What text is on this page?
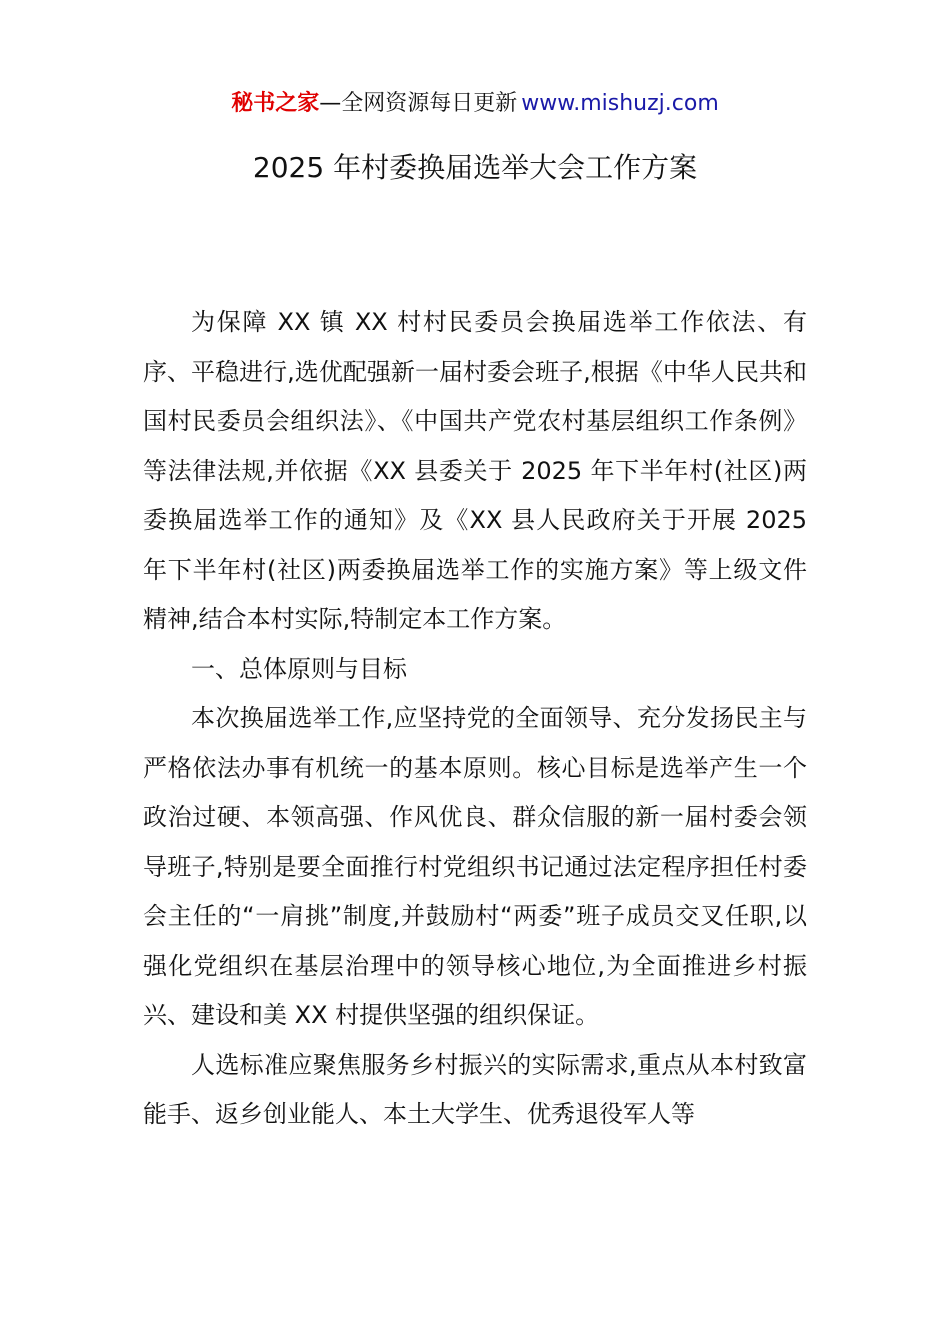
秘书之家—全网资源每日更新 www.mishuzj.com
2025 年村委换届选举大会工作方案

为保障 XX 镇 XX 村村民委员会换届选举工作依法、有序、平稳进行,选优配强新一届村委会班子,根据《中华人民共和国村民委员会组织法》、《中国共产党农村基层组织工作条例》等法律法规,并依据《XX 县委关于 2025 年下半年村(社区)两委换届选举工作的通知》及《XX 县人民政府关于开展 2025 年下半年村(社区)两委换届选举工作的实施方案》等上级文件精神,结合本村实际,特制定本工作方案。

一、总体原则与目标

本次换届选举工作,应坚持党的全面领导、充分发扬民主与严格依法办事有机统一的基本原则。核心目标是选举产生一个政治过硬、本领高强、作风优良、群众信服的新一届村委会领导班子,特别是要全面推行村党组织书记通过法定程序担任村委会主任的“一肩挑”制度,并鼓励村“两委”班子成员交叉任职,以强化党组织在基层治理中的领导核心地位,为全面推进乡村振兴、建设和美 XX 村提供坚强的组织保证。

人选标准应聚焦服务乡村振兴的实际需求,重点从本村致富能手、返乡创业能人、本土大学生、优秀退役军人等
